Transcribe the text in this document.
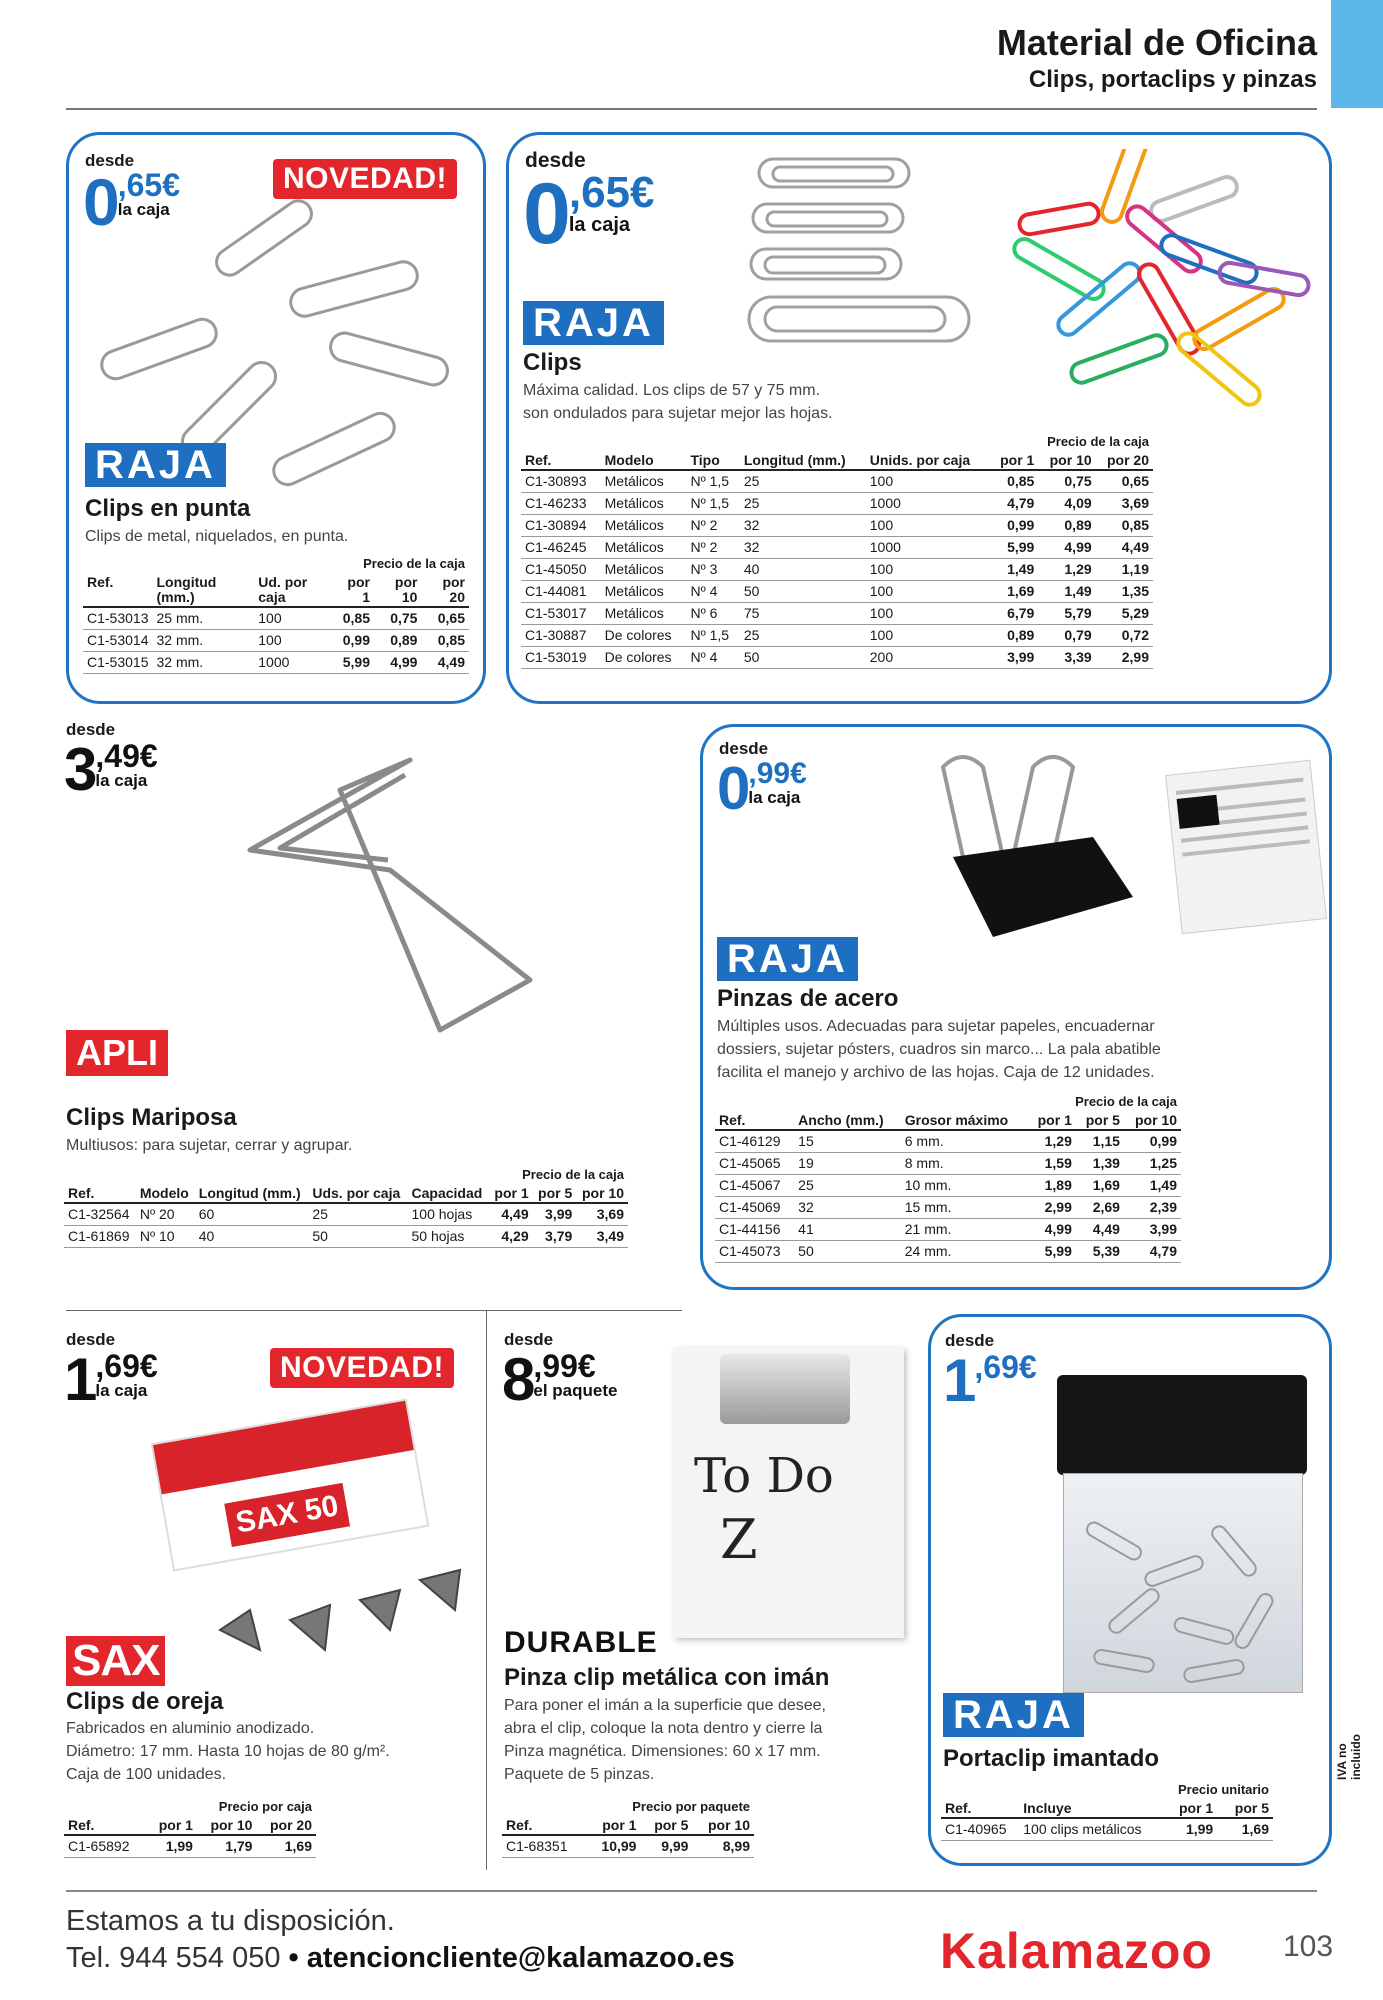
Material de Oficina
Clips, portaclips y pinzas
desde
0 ,65€
la caja
NOVEDAD!
RAJA
Clips en punta
Clips de metal, niquelados, en punta.
			Precio de la caja		
Ref.	Longitud (mm.)	Ud. por caja	por 1	por 10	por 20
C1-53013	25 mm.	100	0,85	0,75	0,65
C1-53014	32 mm.	100	0,99	0,89	0,85
C1-53015	32 mm.	1000	5,99	4,99	4,49
desde
0 ,65€
la caja
RAJA
Clips
Máxima calidad. Los clips de 57 y 75 mm.
son ondulados para sujetar mejor las hojas.
					Precio de la caja		
Ref.	Modelo	Tipo	Longitud (mm.)	Unids. por caja	por 1	por 10	por 20
C1-30893	Metálicos	Nº 1,5	25	100	0,85	0,75	0,65
C1-46233	Metálicos	Nº 1,5	25	1000	4,79	4,09	3,69
C1-30894	Metálicos	Nº 2	32	100	0,99	0,89	0,85
C1-46245	Metálicos	Nº 2	32	1000	5,99	4,99	4,49
C1-45050	Metálicos	Nº 3	40	100	1,49	1,29	1,19
C1-44081	Metálicos	Nº 4	50	100	1,69	1,49	1,35
C1-53017	Metálicos	Nº 6	75	100	6,79	5,79	5,29
C1-30887	De colores	Nº 1,5	25	100	0,89	0,79	0,72
C1-53019	De colores	Nº 4	50	200	3,99	3,39	2,99
desde
3 ,49€
la caja
APLI
Clips Mariposa
Multiusos: para sujetar, cerrar y agrupar.
					Precio de la caja		
Ref.	Modelo	Longitud (mm.)	Uds. por caja	Capacidad	por 1	por 5	por 10
C1-32564	Nº 20	60	25	100 hojas	4,49	3,99	3,69
C1-61869	Nº 10	40	50	50 hojas	4,29	3,79	3,49
desde
0 ,99€
la caja
RAJA
Pinzas de acero
Múltiples usos. Adecuadas para sujetar papeles, encuadernar
dossiers, sujetar pósters, cuadros sin marco... La pala abatible
facilita el manejo y archivo de las hojas. Caja de 12 unidades.
			Precio de la caja		
Ref.	Ancho (mm.)	Grosor máximo	por 1	por 5	por 10
C1-46129	15	6 mm.	1,29	1,15	0,99
C1-45065	19	8 mm.	1,59	1,39	1,25
C1-45067	25	10 mm.	1,89	1,69	1,49
C1-45069	32	15 mm.	2,99	2,69	2,39
C1-44156	41	21 mm.	4,99	4,49	3,99
C1-45073	50	24 mm.	5,99	5,39	4,79
desde
1 ,69€
la caja
NOVEDAD!
SAX 50
SAX
Clips de oreja
Fabricados en aluminio anodizado.
Diámetro: 17 mm. Hasta 10 hojas de 80 g/m².
Caja de 100 unidades.
	Precio por caja		
Ref.	por 1	por 10	por 20
C1-65892	1,99	1,79	1,69
desde
8 ,99€
el paquete
To Do
Z
DURABLE
Pinza clip metálica con imán
Para poner el imán a la superficie que desee,
abra el clip, coloque la nota dentro y cierre la
Pinza magnética. Dimensiones: 60 x 17 mm.
Paquete de 5 pinzas.
	Precio por paquete		
Ref.	por 1	por 5	por 10
C1-68351	10,99	9,99	8,99
desde
1 ,69€
RAJA
Portaclip imantado
		Precio unitario	
Ref.	Incluye	por 1	por 5
C1-40965	100 clips metálicos	1,99	1,69
IVA no incluido
Estamos a tu disposición.
Tel. 944 554 050 • atencioncliente@kalamazoo.es	Kalamazoo 103
